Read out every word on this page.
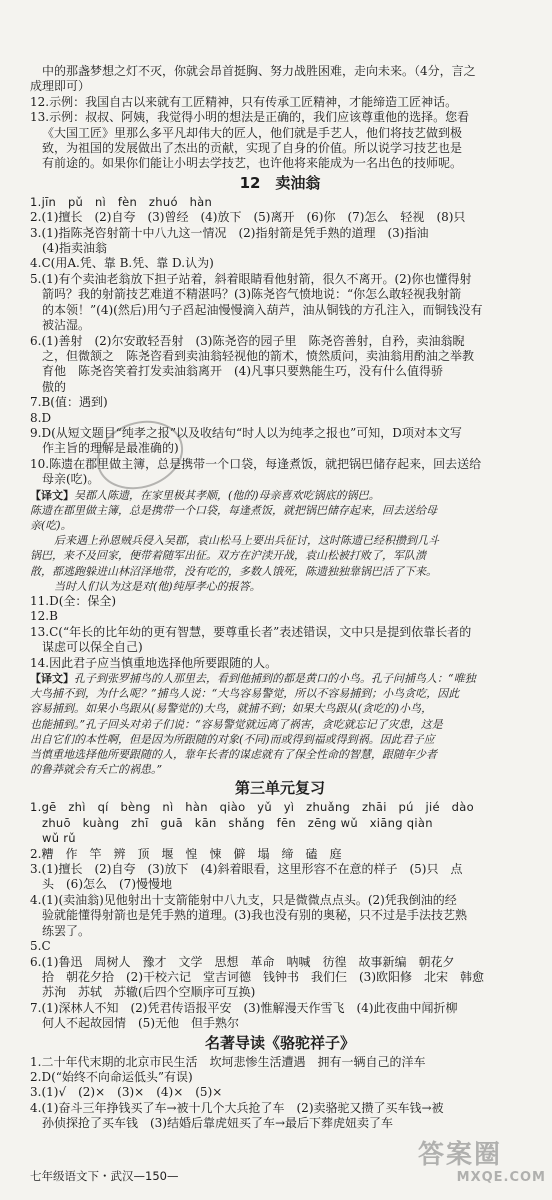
中的那盏梦想之灯不灭，你就会昂首挺胸、努力战胜困难，走向未来。（4分，言之
成理即可）
12.示例：我国自古以来就有工匠精神，只有传承工匠精神，才能缔造工匠神话。
13.示例：叔叔、阿姨，我觉得小明的想法是正确的，我们应该尊重他的选择。您看
《大国工匠》里那么多平凡却伟大的匠人，他们就是手艺人，他们将技艺做到极
致，为祖国的发展做出了杰出的贡献，实现了自身的价值。所以说学习技艺也是
有前途的。如果你们能让小明去学技艺，也许他将来能成为一名出色的技师呢。
12　卖油翁
1.jīn　pǔ　nì　fèn　zhuó　hàn
2.(1)擅长　(2)自夸　(3)曾经　(4)放下　(5)离开　(6)你　(7)怎么　轻视　(8)只
3.(1)指陈尧咨射箭十中八九这一情况　(2)指射箭是凭手熟的道理　(3)指油
(4)指卖油翁
4.C(用A.凭、靠 B.凭、靠 D.认为)
5.(1)有个卖油老翁放下担子站着，斜着眼睛看他射箭，很久不离开。(2)你也懂得射
箭吗？我的射箭技艺难道不精湛吗？(3)陈尧咨气愤地说：“你怎么敢轻视我射箭
的本领！”(4)(然后)用勺子舀起油慢慢滴入葫芦，油从铜钱的方孔注入，而铜钱没有
被沾湿。
6.(1)善射　(2)尔安敢轻吾射　(3)陈尧咨的园子里　陈尧咨善射，自矜，卖油翁睨
之，但微颔之　陈尧咨看到卖油翁轻视他的箭术，愤然质问，卖油翁用酌油之举教
育他　陈尧咨笑着打发卖油翁离开　(4)凡事只要熟能生巧，没有什么值得骄
傲的
7.B(值：遇到)
8.D
9.D(从短文题目“纯孝之报”以及收结句“时人以为纯孝之报也”可知，D项对本文写
作主旨的理解是最准确的)
10.陈遗在郡里做主簿，总是携带一个口袋，每逢煮饭，就把锅巴储存起来，回去送给
母亲(吃)。
【译文】吴郡人陈遗，在家里极其孝顺，(他的)母亲喜欢吃锅底的锅巴。
陈遗在郡里做主簿，总是携带一个口袋，每逢煮饭，就把锅巴储存起来，回去送给母
亲(吃)。
后来遇上孙恩贼兵侵入吴郡，袁山松马上要出兵征讨，这时陈遗已经积攒到几斗
锅巴，来不及回家，便带着随军出征。双方在沪渎开战，袁山松被打败了，军队溃
散，都逃跑躲进山林沼泽地带，没有吃的，多数人饿死，陈遗独独靠锅巴活了下来。
当时人们认为这是对(他)纯厚孝心的报答。
11.D(全：保全)
12.B
13.C(“年长的比年幼的更有智慧，要尊重长者”表述错误，文中只是提到依靠长者的
谋虑可以保全自己)
14.因此君子应当慎重地选择他所要跟随的人。
【译文】孔子到张罗捕鸟的人那里去，看到他捕到的都是黄口的小鸟。孔子问捕鸟人：“唯独
大鸟捕不到，为什么呢？”捕鸟人说：“大鸟容易警觉，所以不容易捕到；小鸟贪吃，因此
容易捕到。如果小鸟跟从(易警觉的)大鸟，就捕不到；如果大鸟跟从(贪吃的)小鸟，
也能捕到。”孔子回头对弟子们说：“容易警觉就远离了祸害，贪吃就忘记了灾患，这是
出自它们的本性啊，但是因为所跟随的对象(不同)而或得到福或得到祸。因此君子应
当慎重地选择他所要跟随的人，靠年长者的谋虑就有了保全性命的智慧，跟随年少者
的鲁莽就会有夭亡的祸患。”
第三单元复习
1.gē　zhì　qí　bèng　nì　hàn　qiào　yǔ　yì　zhuǎng　zhāi　pú　jié　dào
zhuō　kuàng　zhī　guā　kān　shǎng　fēn　zēng wǔ　xiāng qiàn
wǔ rǔ
2.糟　作　竿　辨　顶　堰　惶　悚　僻　塌　缔　磕　庭
3.(1)擅长　(2)自夸　(3)放下　(4)斜着眼看，这里形容不在意的样子　(5)只　点
头　(6)怎么　(7)慢慢地
4.(1)(卖油翁)见他射出十支箭能射中八九支，只是微微点点头。(2)凭我倒油的经
验就能懂得射箭也是凭手熟的道理。(3)我也没有别的奥秘，只不过是手法技艺熟
练罢了。
5.C
6.(1)鲁迅　周树人　豫才　文学　思想　革命　呐喊　彷徨　故事新编　朝花夕
拾　朝花夕拾　(2)干校六记　堂吉诃德　钱钟书　我们仨　(3)欧阳修　北宋　韩愈
苏洵　苏轼　苏辙(后四个空顺序可互换)
7.(1)深林人不知　(2)凭君传语报平安　(3)惟解漫天作雪飞　(4)此夜曲中闻折柳
何人不起故园情　(5)无他　但手熟尔
名著导读《骆驼祥子》
1.二十年代末期的北京市民生活　坎坷悲惨生活遭遇　拥有一辆自己的洋车
2.D(“始终不向命运低头”有误)
3.(1)√　(2)×　(3)×　(4)×　(5)×
4.(1)奋斗三年挣钱买了车→被十几个大兵抢了车　(2)卖骆驼又攒了买车钱→被
孙侦探抢了买车钱　(3)结婚后靠虎妞买了车→最后下葬虎妞卖了车
七年级语文下・武汉—150—
答案圈
MXQE.COM
